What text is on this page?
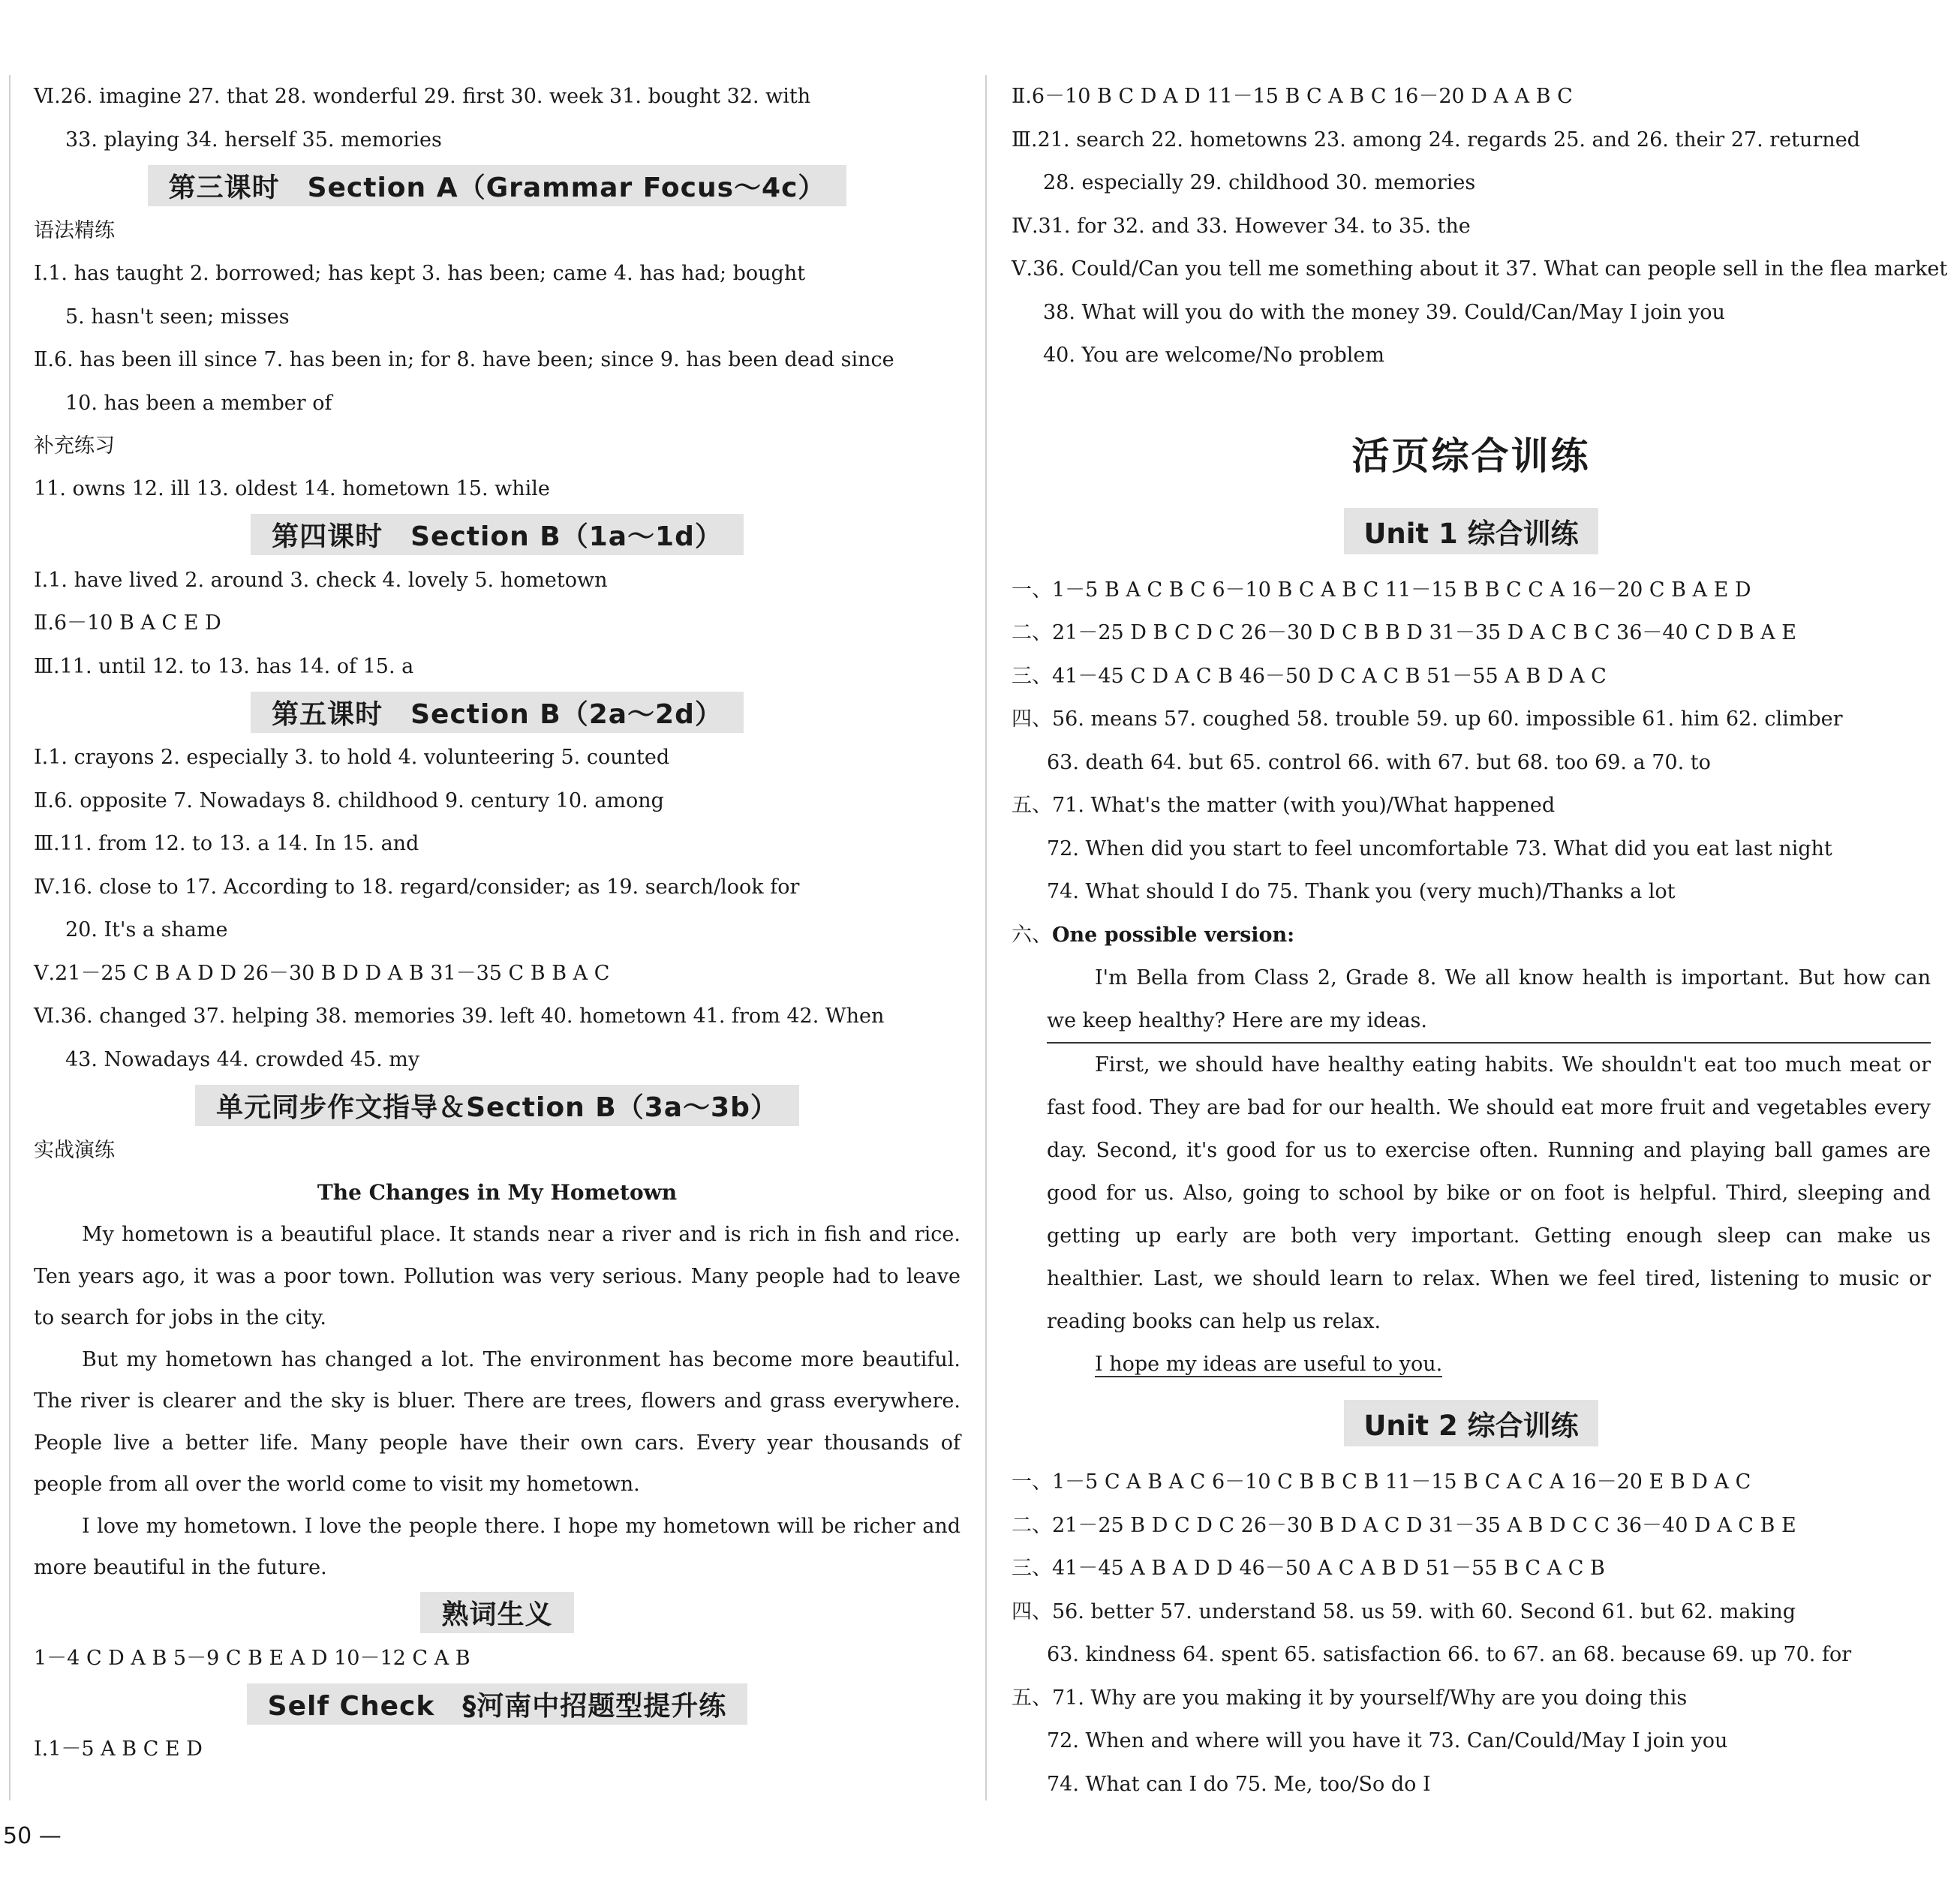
Ⅵ.26. imagine 27. that 28. wonderful 29. first 30. week 31. bought 32. with
33. playing 34. herself 35. memories
第三课时　Section A（Grammar Focus～4c）
语法精练
Ⅰ.1. has taught 2. borrowed; has kept 3. has been; came 4. has had; bought
5. hasn't seen; misses
Ⅱ.6. has been ill since 7. has been in; for 8. have been; since 9. has been dead since
10. has been a member of
补充练习
11. owns 12. ill 13. oldest 14. hometown 15. while
第四课时　Section B（1a～1d）
Ⅰ.1. have lived 2. around 3. check 4. lovely 5. hometown
Ⅱ.6－10 B A C E D
Ⅲ.11. until 12. to 13. has 14. of 15. a
第五课时　Section B（2a～2d）
Ⅰ.1. crayons 2. especially 3. to hold 4. volunteering 5. counted
Ⅱ.6. opposite 7. Nowadays 8. childhood 9. century 10. among
Ⅲ.11. from 12. to 13. a 14. In 15. and
Ⅳ.16. close to 17. According to 18. regard/consider; as 19. search/look for
20. It's a shame
Ⅴ.21－25 C B A D D 26－30 B D D A B 31－35 C B B A C
Ⅵ.36. changed 37. helping 38. memories 39. left 40. hometown 41. from 42. When
43. Nowadays 44. crowded 45. my
单元同步作文指导＆Section B（3a～3b）
实战演练
The Changes in My Hometown
My hometown is a beautiful place. It stands near a river and is rich in fish and rice. Ten years ago, it was a poor town. Pollution was very serious. Many people had to leave to search for jobs in the city.
But my hometown has changed a lot. The environment has become more beautiful. The river is clearer and the sky is bluer. There are trees, flowers and grass everywhere. People live a better life. Many people have their own cars. Every year thousands of people from all over the world come to visit my hometown.
I love my hometown. I love the people there. I hope my hometown will be richer and more beautiful in the future.
熟词生义
1－4 C D A B 5－9 C B E A D 10－12 C A B
Self Check　§河南中招题型提升练
Ⅰ.1－5 A B C E D
Ⅱ.6－10 B C D A D 11－15 B C A B C 16－20 D A A B C
Ⅲ.21. search 22. hometowns 23. among 24. regards 25. and 26. their 27. returned
28. especially 29. childhood 30. memories
Ⅳ.31. for 32. and 33. However 34. to 35. the
Ⅴ.36. Could/Can you tell me something about it 37. What can people sell in the flea market
38. What will you do with the money 39. Could/Can/May I join you
40. You are welcome/No problem
活页综合训练
Unit 1 综合训练
一、1－5 B A C B C 6－10 B C A B C 11－15 B B C C A 16－20 C B A E D
二、21－25 D B C D C 26－30 D C B B D 31－35 D A C B C 36－40 C D B A E
三、41－45 C D A C B 46－50 D C A C B 51－55 A B D A C
四、56. means 57. coughed 58. trouble 59. up 60. impossible 61. him 62. climber
63. death 64. but 65. control 66. with 67. but 68. too 69. a 70. to
五、71. What's the matter (with you)/What happened
72. When did you start to feel uncomfortable 73. What did you eat last night
74. What should I do 75. Thank you (very much)/Thanks a lot
六、One possible version:
I'm Bella from Class 2, Grade 8. We all know health is important. But how can we keep healthy? Here are my ideas.
First, we should have healthy eating habits. We shouldn't eat too much meat or fast food. They are bad for our health. We should eat more fruit and vegetables every day. Second, it's good for us to exercise often. Running and playing ball games are good for us. Also, going to school by bike or on foot is helpful. Third, sleeping and getting up early are both very important. Getting enough sleep can make us healthier. Last, we should learn to relax. When we feel tired, listening to music or reading books can help us relax.
I hope my ideas are useful to you.
Unit 2 综合训练
一、1－5 C A B A C 6－10 C B B C B 11－15 B C A C A 16－20 E B D A C
二、21－25 B D C D C 26－30 B D A C D 31－35 A B D C C 36－40 D A C B E
三、41－45 A B A D D 46－50 A C A B D 51－55 B C A C B
四、56. better 57. understand 58. us 59. with 60. Second 61. but 62. making
63. kindness 64. spent 65. satisfaction 66. to 67. an 68. because 69. up 70. for
五、71. Why are you making it by yourself/Why are you doing this
72. When and where will you have it 73. Can/Could/May I join you
74. What can I do 75. Me, too/So do I
50 —
